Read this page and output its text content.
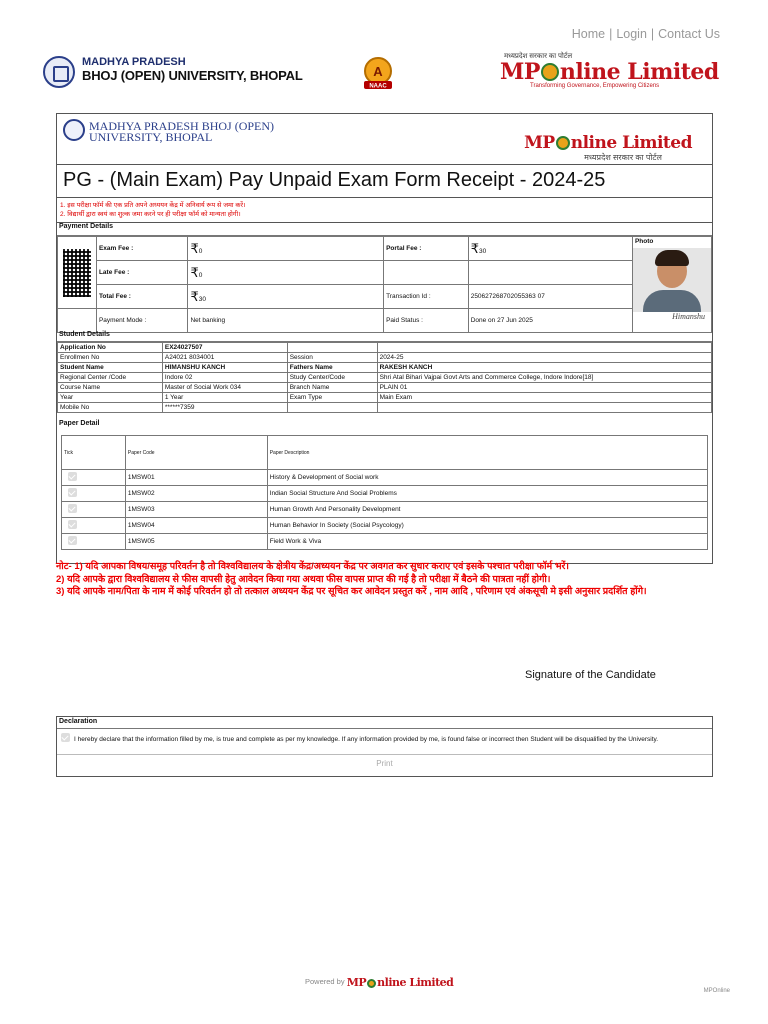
Home | Login | Contact Us
MADHYA PRADESH
BHOJ (OPEN) UNIVERSITY, BHOPAL	A
NAAC
मध्यप्रदेश सरकार का पोर्टल
MP nline Limited
Transforming Governance, Empowering Citizens
MADHYA PRADESH BHOJ (OPEN)
UNIVERSITY, BHOPAL	MP nline Limited
मध्यप्रदेश सरकार का पोर्टल
PG - (Main Exam) Pay Unpaid Exam Form Receipt - 2024-25
1. इस परीक्षा फॉर्म की एक प्रति अपने अध्ययन केंद्र में अनिवार्य रूप से जमा करें।
2. विद्यार्थी द्वारा स्वयं का शुल्क जमा करने पर ही परीक्षा फॉर्म को मान्यता होगी।
Payment Details
	Exam Fee :	₹0	Portal Fee :	₹30	Photo
Himanshu

	Late Fee :	₹0			
	Total Fee :	₹30	Transaction Id :	250627268702055363 07	
	Payment Mode :	Net banking	Paid Status :	Done on 27 Jun 2025	
Student Details
Application No	EX24027507		
Enrollmen No	A24021 8034001	Session	2024-25
Student Name	HIMANSHU KANCH	Fathers Name	RAKESH KANCH
Regional Center /Code	Indore 02	Study Center/Code	Shri Atal Bihari Vajpai Govt Arts and Commerce College, Indore Indore[18]
Course Name	Master of Social Work 034	Branch Name	PLAIN 01
Year	1 Year	Exam Type	Main Exam
Mobile No	******7359		
Paper Detail
Tick	Paper Code	Paper Description
	1MSW01	History & Development of Social work
	1MSW02	Indian Social Structure And Social Problems
	1MSW03	Human Growth And Personality Development
	1MSW04	Human Behavior In Society (Social Psycology)
	1MSW05	Field Work & Viva
नोट- 1) यदि आपका विषय/समूह परिवर्तन है तो विश्वविद्यालय के क्षेत्रीय केंद्र/अध्ययन केंद्र पर अवगत कर सुधार कराए एवं इसके पश्चात परीक्षा फॉर्म भरें।
2) यदि आपके द्वारा विश्वविद्यालय से फीस वापसी हेतु आवेदन किया गया अथवा फीस वापस प्राप्त की गई है तो परीक्षा में बैठने की पात्रता नहीं होगी।
3) यदि आपके नाम/पिता के नाम में कोई परिवर्तन हो तो तत्काल अध्ययन केंद्र पर सूचित कर आवेदन प्रस्तुत करें , नाम आदि , परिणाम एवं अंकसूची मे इसी अनुसार प्रदर्शित होंगे।
Signature of the Candidate
Declaration
I hereby declare that the information filled by me, is true and complete as per my knowledge. If any information provided by me, is found false or incorrect then Student will be disqualified by the University.
Print
Powered by MP nline Limited
MPOnline
